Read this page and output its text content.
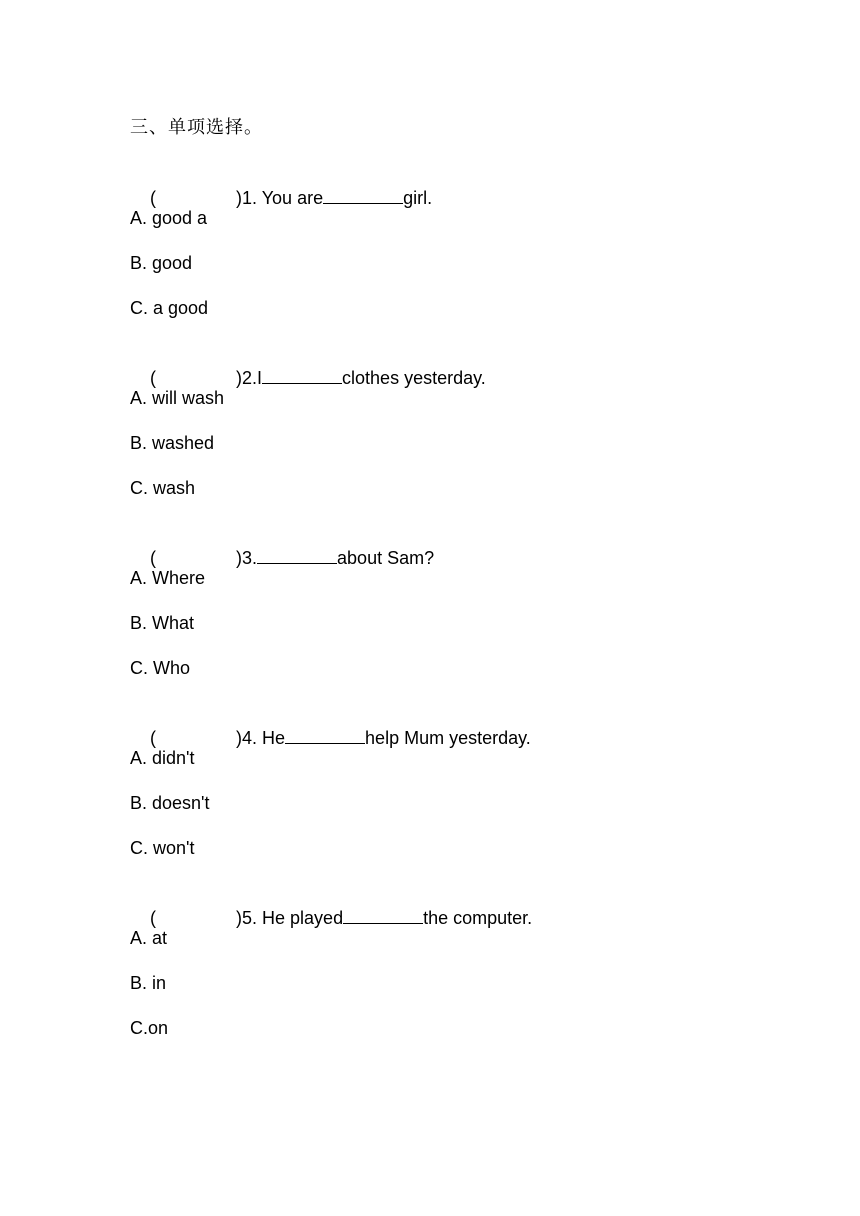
三、单项选择。

(	)1. You are	girl.

A. good a
B. good
C. a good

(	)2.I	clothes yesterday.

A. will wash
B. washed
C. wash

(	)3.	about Sam?

A. Where
B. What
C. Who

(	)4. He	help Mum yesterday.

A. didn't
B. doesn't
C. won't

(	)5. He played	the computer.

A. at
B. in
C.on
